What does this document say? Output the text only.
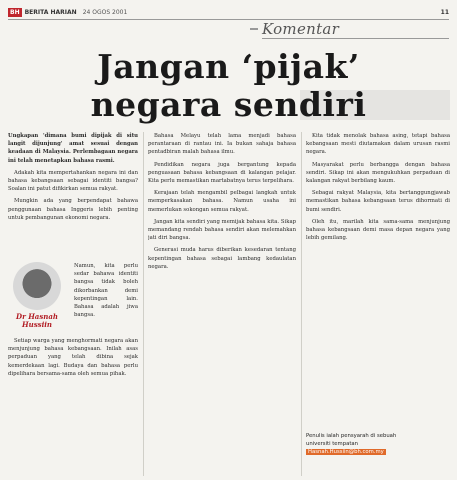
BH BERITA HARIAN 24 OGOS 2001	11
Komentar
Jangan ‘pijak’
negara sendiri

Ungkapan 'dimana bumi dipijak di situ langit dijunjung' amat sesuai dengan keadaan di Malaysia. Perlembagaan negara ini telah menetapkan bahasa rasmi.

Adakah kita mempertahankan negara ini dan bahasa kebangsaan sebagai identiti bangsa? Soalan ini patut difikirkan semua rakyat.

Mungkin ada yang berpendapat bahawa penggunaan bahasa Inggeris lebih penting untuk pembangunan ekonomi negara.

Namun, kita perlu sedar bahawa identiti bangsa tidak boleh dikorbankan demi kepentingan lain. Bahasa adalah jiwa bangsa.

Setiap warga yang menghormati negara akan menjunjung bahasa kebangsaan. Inilah asas perpaduan yang telah dibina sejak kemerdekaan lagi. Budaya dan bahasa perlu dipelihara bersama-sama oleh semua pihak.

Dr Hasnah Hussiin

Bahasa Melayu telah lama menjadi bahasa perantaraan di rantau ini. Ia bukan sahaja bahasa pentadbiran malah bahasa ilmu.

Pendidikan negara juga bergantung kepada penguasaan bahasa kebangsaan di kalangan pelajar. Kita perlu memastikan martabatnya terus terpelihara.

Kerajaan telah mengambil pelbagai langkah untuk memperkasakan bahasa. Namun usaha ini memerlukan sokongan semua rakyat.

Jangan kita sendiri yang memijak bahasa kita. Sikap memandang rendah bahasa sendiri akan melemahkan jati diri bangsa.

Generasi muda harus diberikan kesedaran tentang kepentingan bahasa sebagai lambang kedaulatan negara.

Kita tidak menolak bahasa asing, tetapi bahasa kebangsaan mesti diutamakan dalam urusan rasmi negara.

Masyarakat perlu berbangga dengan bahasa sendiri. Sikap ini akan mengukuhkan perpaduan di kalangan rakyat berbilang kaum.

Sebagai rakyat Malaysia, kita bertanggungjawab memastikan bahasa kebangsaan terus dihormati di bumi sendiri.

Oleh itu, marilah kita sama-sama menjunjung bahasa kebangsaan demi masa depan negara yang lebih gemilang.

Penulis ialah pensyarah di sebuah
universiti tempatan
Hasnah.Hussiin@bh.com.my
